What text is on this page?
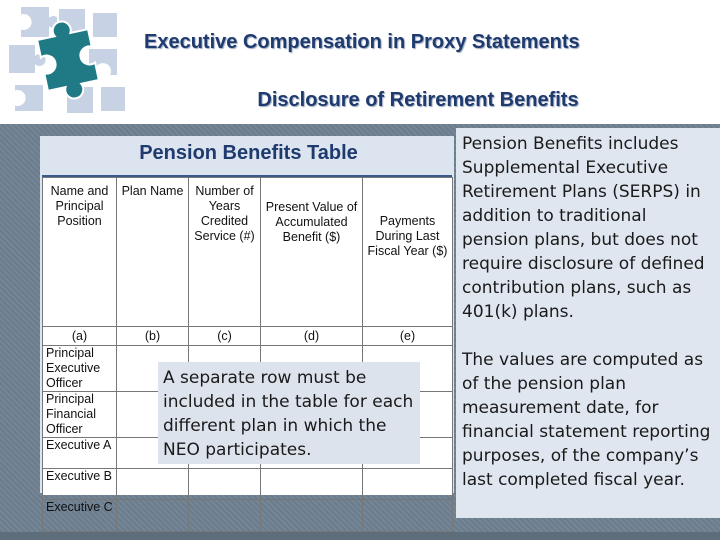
Executive Compensation in Proxy Statements
Disclosure of Retirement Benefits
Pension Benefits Table
Name and Principal Position	Plan Name	Number of Years Credited Service (#)	Present Value of Accumulated Benefit ($)	Payments During Last Fiscal Year ($)
(a)	(b)	(c)	(d)	(e)
Principal Executive Officer				
Principal Financial Officer				
Executive A				
Executive B				
Executive C				
A separate row must be included in the table for each different plan in which the NEO participates.
Pension Benefits includes Supplemental Executive Retirement Plans (SERPS) in addition to traditional pension plans, but does not require disclosure of defined contribution plans, such as 401(k) plans.
The values are computed as of the pension plan measurement date, for financial statement reporting purposes, of the company’s last completed fiscal year.
